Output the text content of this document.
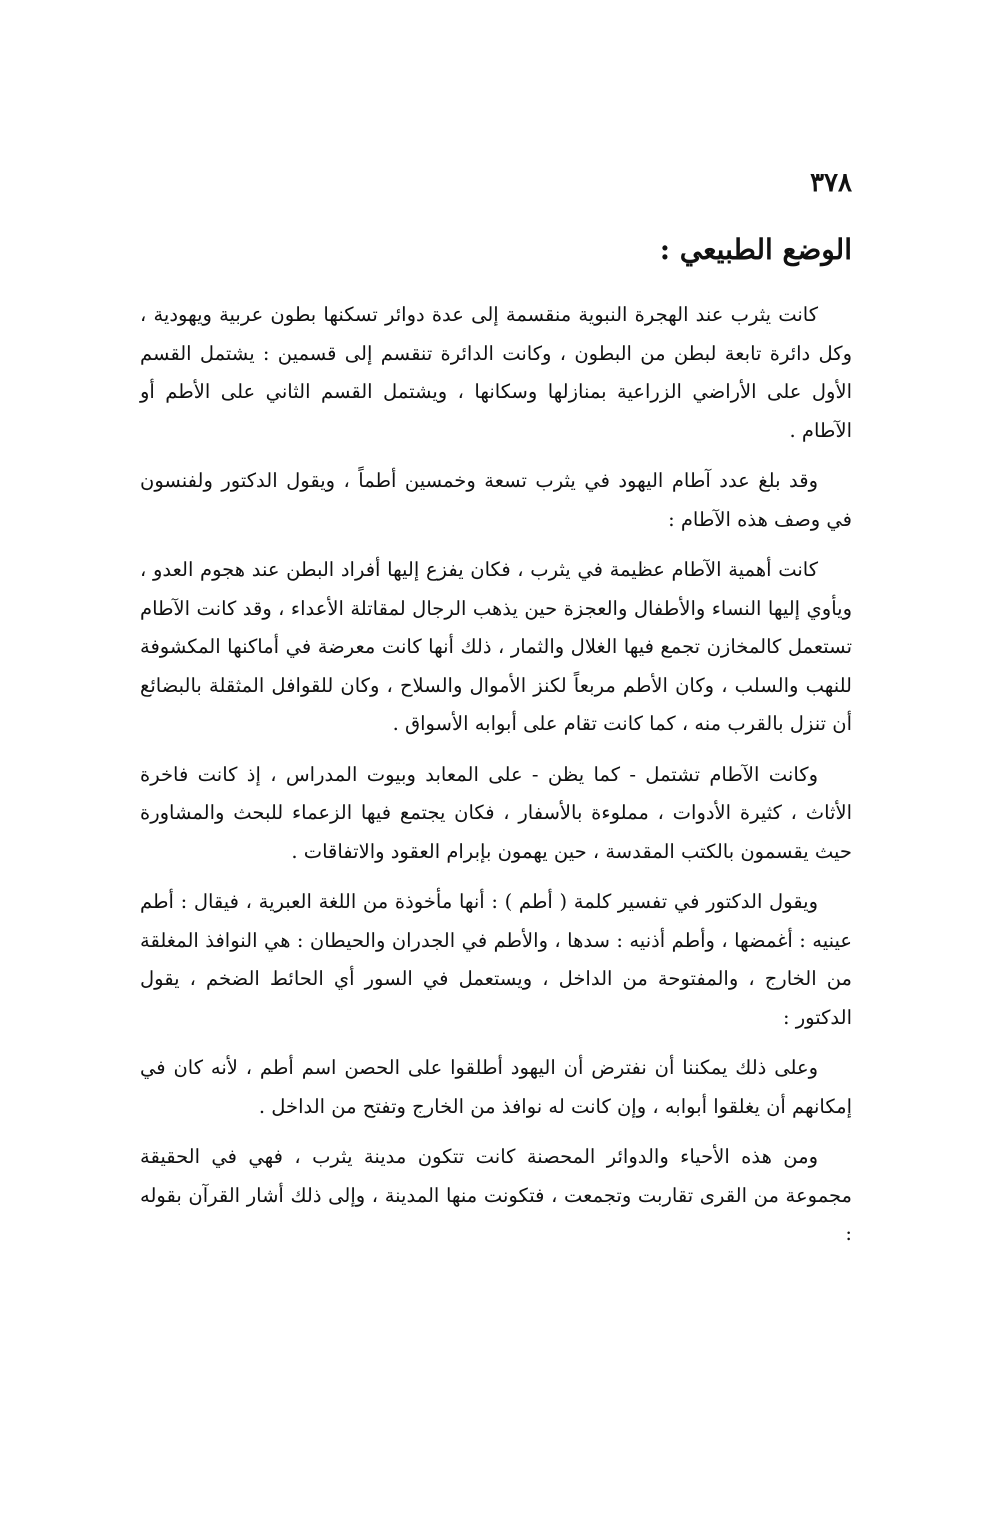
٣٧٨
الوضع الطبيعي :

كانت يثرب عند الهجرة النبوية منقسمة إلى عدة دوائر تسكنها بطون عربية ويهودية ، وكل دائرة تابعة لبطن من البطون ، وكانت الدائرة تنقسم إلى قسمين : يشتمل القسم الأول على الأراضي الزراعية بمنازلها وسكانها ، ويشتمل القسم الثاني على الأطم أو الآطام .

وقد بلغ عدد آطام اليهود في يثرب تسعة وخمسين أطماً ، ويقول الدكتور ولفنسون في وصف هذه الآطام :

كانت أهمية الآطام عظيمة في يثرب ، فكان يفزع إليها أفراد البطن عند هجوم العدو ، ويأوي إليها النساء والأطفال والعجزة حين يذهب الرجال لمقاتلة الأعداء ، وقد كانت الآطام تستعمل كالمخازن تجمع فيها الغلال والثمار ، ذلك أنها كانت معرضة في أماكنها المكشوفة للنهب والسلب ، وكان الأطم مربعاً لكنز الأموال والسلاح ، وكان للقوافل المثقلة بالبضائع أن تنزل بالقرب منه ، كما كانت تقام على أبوابه الأسواق .

وكانت الآطام تشتمل - كما يظن - على المعابد وبيوت المدراس ، إذ كانت فاخرة الأثاث ، كثيرة الأدوات ، مملوءة بالأسفار ، فكان يجتمع فيها الزعماء للبحث والمشاورة حيث يقسمون بالكتب المقدسة ، حين يهمون بإبرام العقود والاتفاقات .

ويقول الدكتور في تفسير كلمة ( أطم ) : أنها مأخوذة من اللغة العبرية ، فيقال : أطم عينيه : أغمضها ، وأطم أذنيه : سدها ، والأطم في الجدران والحيطان : هي النوافذ المغلقة من الخارج ، والمفتوحة من الداخل ، ويستعمل في السور أي الحائط الضخم ، يقول الدكتور :

وعلى ذلك يمكننا أن نفترض أن اليهود أطلقوا على الحصن اسم أطم ، لأنه كان في إمكانهم أن يغلقوا أبوابه ، وإن كانت له نوافذ من الخارج وتفتح من الداخل .

ومن هذه الأحياء والدوائر المحصنة كانت تتكون مدينة يثرب ، فهي في الحقيقة مجموعة من القرى تقاربت وتجمعت ، فتكونت منها المدينة ، وإلى ذلك أشار القرآن بقوله :
